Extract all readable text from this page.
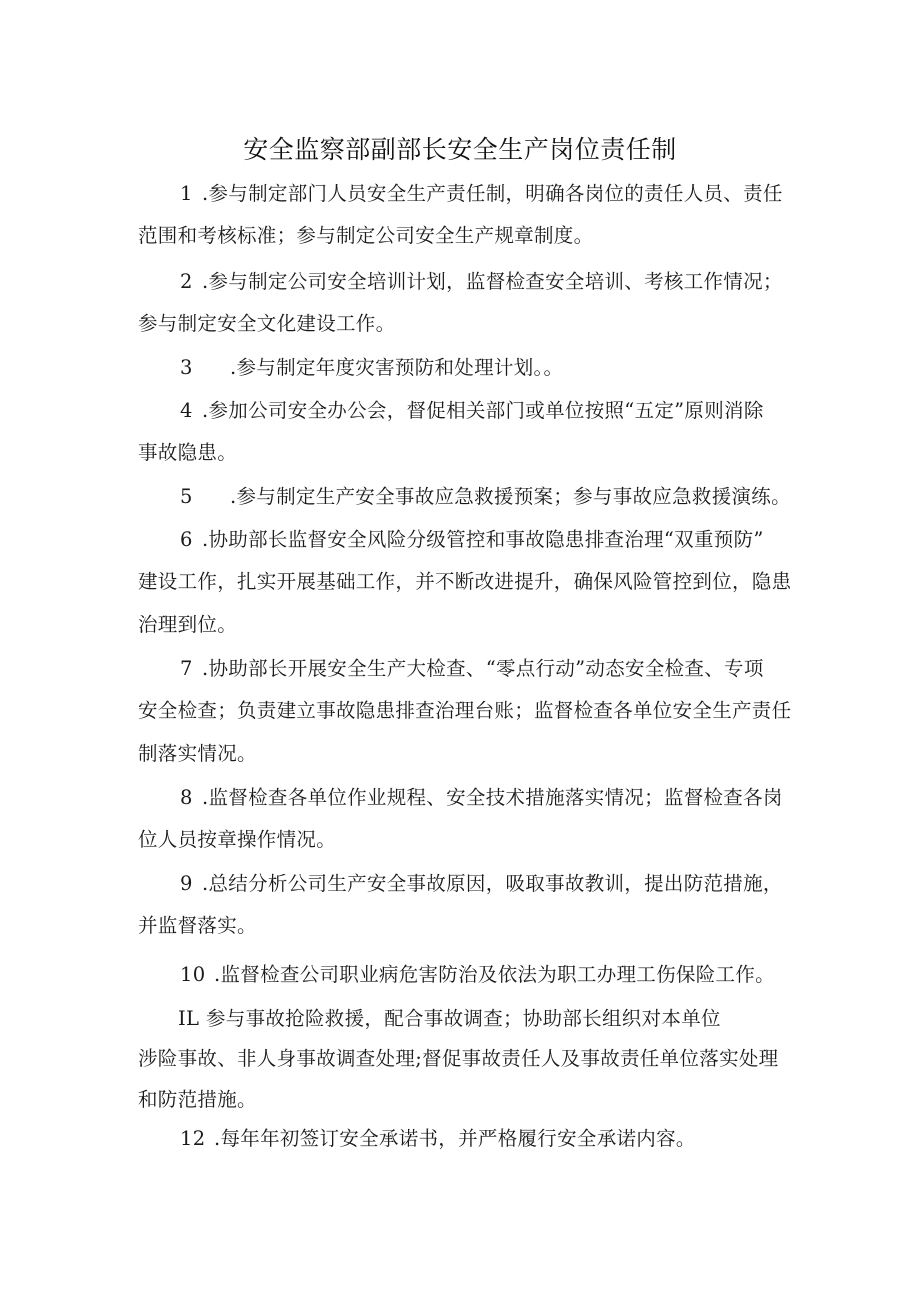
安全监察部副部长安全生产岗位责任制
1 .参与制定部门人员安全生产责任制，明确各岗位的责任人员、责任
范围和考核标准；参与制定公司安全生产规章制度。
2 .参与制定公司安全培训计划，监督检查安全培训、考核工作情况；
参与制定安全文化建设工作。
3 .参与制定年度灾害预防和处理计划。。
4 .参加公司安全办公会，督促相关部门或单位按照“五定”原则消除
事故隐患。
5 .参与制定生产安全事故应急救援预案；参与事故应急救援演练。
6 .协助部长监督安全风险分级管控和事故隐患排查治理“双重预防”
建设工作，扎实开展基础工作，并不断改进提升，确保风险管控到位，隐患
治理到位。
7 .协助部长开展安全生产大检查、“零点行动”动态安全检查、专项
安全检查；负责建立事故隐患排查治理台账；监督检查各单位安全生产责任
制落实情况。
8 .监督检查各单位作业规程、安全技术措施落实情况；监督检查各岗
位人员按章操作情况。
9 .总结分析公司生产安全事故原因，吸取事故教训，提出防范措施，
并监督落实。
10 .监督检查公司职业病危害防治及依法为职工办理工伤保险工作。
IL 参与事故抢险救援，配合事故调查；协助部长组织对本单位
涉险事故、非人身事故调查处理;督促事故责任人及事故责任单位落实处理
和防范措施。
12 .每年年初签订安全承诺书，并严格履行安全承诺内容。
